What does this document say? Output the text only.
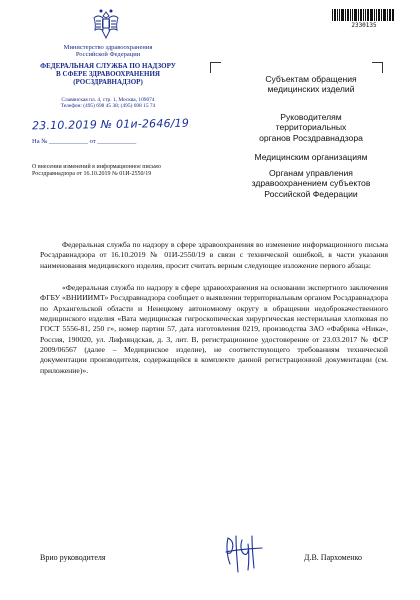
Министерство здравоохранения
Российской Федерации
ФЕДЕРАЛЬНАЯ СЛУЖБА ПО НАДЗОРУ
В СФЕРЕ ЗДРАВООХРАНЕНИЯ
(РОСЗДРАВНАДЗОР)
Славянская пл. 4, стр. 1, Москва, 109074
Телефон: (495) 698 45 38; (495) 698 15 74
23.10.2019 № 01и-2646/19
На № ____________ от ____________
О внесении изменений в информационное письмо Росздравнадзора от 16.10.2019 № 01И-2550/19
2330135
Субъектам обращения
медицинских изделий
Руководителям
территориальных
органов Росздравнадзора
Медицинским организациям
Органам управления
здравоохранением субъектов
Российской Федерации
Федеральная служба по надзору в сфере здравоохранения во изменение информационного письма Росздравнадзора от 16.10.2019 № 01И-2550/19 в связи с технической ошибкой, в части указания наименования медицинского изделия, просит считать верным следующее изложение первого абзаца:
«Федеральная служба по надзору в сфере здравоохранения на основании экспертного заключения ФГБУ «ВНИИИМТ» Росздравнадзора сообщает о выявлении территориальным органом Росздравнадзора по Архангельской области и Ненецкому автономному округу в обращении недоброкачественного медицинского изделия «Вата медицинская гигроскопическая хирургическая нестерильная хлопковая по ГОСТ 5556-81, 250 г», номер партии 57, дата изготовления 0219, производства ЗАО «Фабрика «Ника», Россия, 190020, ул. Лифляндская, д. 3, лит. В, регистрационное удостоверение от 23.03.2017 № ФСР 2009/06567 (далее – Медицинское изделие), не соответствующего требованиям технической документации производителя, содержащейся в комплекте данной регистрационной документации (см. приложение)».
Врио руководителя	Д.В. Пархоменко
